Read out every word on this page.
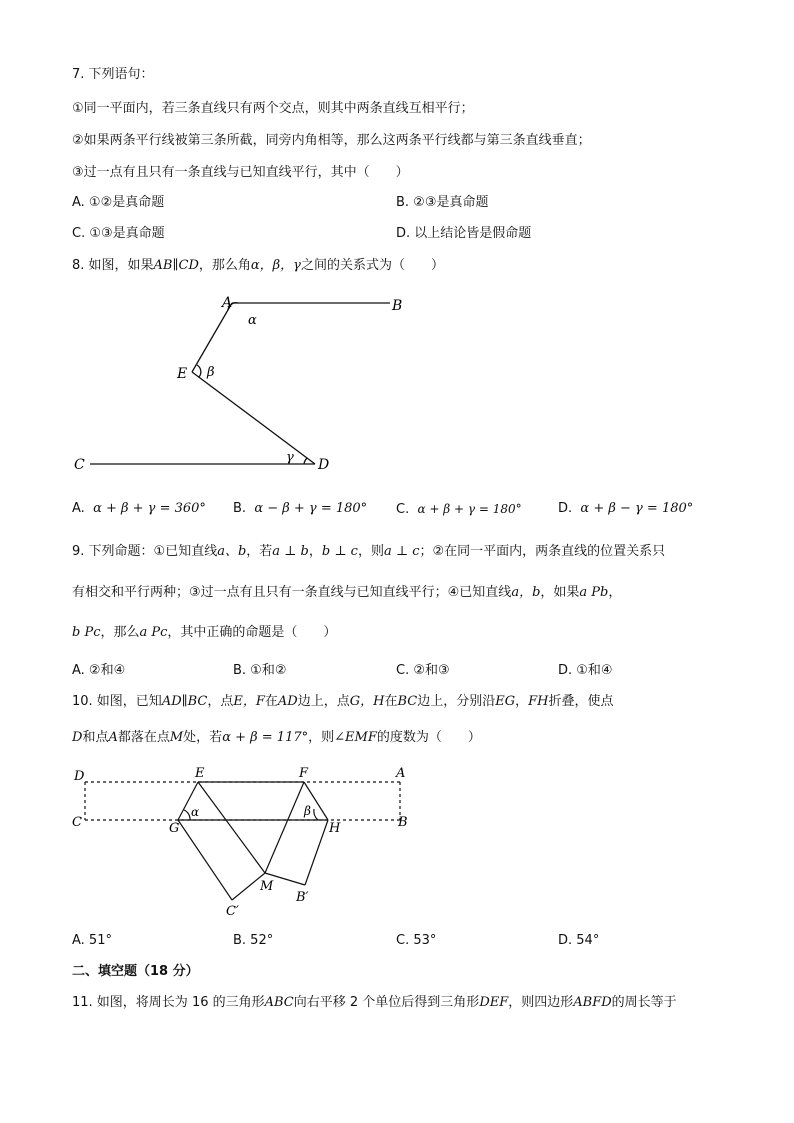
7. 下列语句：
①同一平面内，若三条直线只有两个交点，则其中两条直线互相平行；
②如果两条平行线被第三条所截，同旁内角相等，那么这两条平行线都与第三条直线垂直；
③过一点有且只有一条直线与已知直线平行，其中（　　）
A. ①②是真命题	B. ②③是真命题
C. ①③是真命题	D. 以上结论皆是假命题
8. 如图，如果AB∥CD，那么角α，β，γ之间的关系式为（　　）
A	B
C	D
E
α
β
γ
A. α + β + γ = 360° B. α − β + γ = 180° C. α + β + γ = 180°	D. α + β − γ = 180°
9. 下列命题：①已知直线a、b，若a ⊥ b，b ⊥ c，则a ⊥ c；②在同一平面内，两条直线的位置关系只
有相交和平行两种；③过一点有且只有一条直线与已知直线平行；④已知直线a，b，如果a Pb，
b Pc，那么a Pc，其中正确的命题是（　　）
A. ②和④	B. ①和②	C. ②和③	D. ①和④
10. 如图，已知AD∥BC，点E，F在AD边上，点G，H在BC边上，分别沿EG，FH折叠，使点
D和点A都落在点M处，若α + β = 117°，则∠EMF的度数为（　　）
D	E	F	A
C	G	H	B
M
C′
B′
α	β
A. 51°	B. 52°	C. 53°	D. 54°
二、填空题（18 分）
11. 如图，将周长为 16 的三角形ABC向右平移 2 个单位后得到三角形DEF，则四边形ABFD的周长等于
